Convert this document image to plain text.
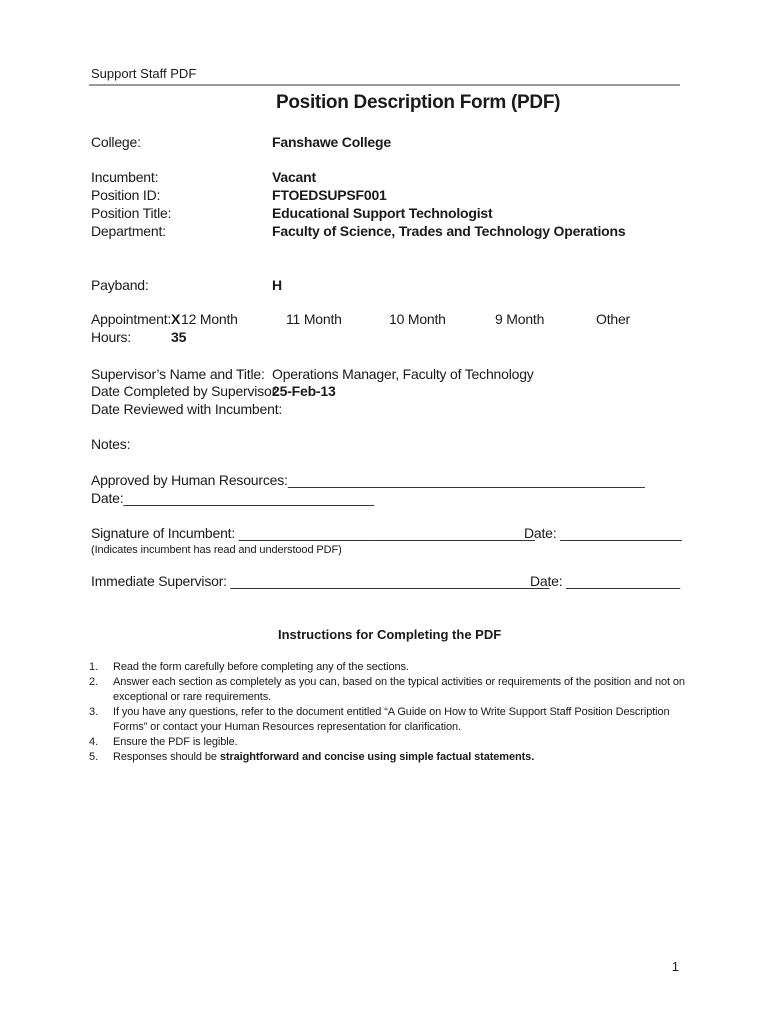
Support Staff PDF
Position Description Form (PDF)
College:	Fanshawe College
Incumbent:	Vacant
Position ID:	FTOEDSUPSF001
Position Title:	Educational Support Technologist
Department:	Faculty of Science, Trades and Technology Operations
Payband:	H
Appointment: X 12 Month	11 Month	10 Month	9 Month	Other
Hours:	35
Supervisor’s Name and Title: Operations Manager, Faculty of Technology
Date Completed by Supervisor:
25-Feb-13
Date Reviewed with Incumbent:
Notes:
Approved by Human Resources: _______________________________________________
Date:_________________________________
Signature of Incumbent: _______________________________________
Date: ________________
(Indicates incumbent has read and understood PDF)
Immediate Supervisor: __________________________________________
Date: _______________
Instructions for Completing the PDF
1. Read the form carefully before completing any of the sections.
2. Answer each section as completely as you can, based on the typical activities or requirements of the position and not on
exceptional or rare requirements.
3. If you have any questions, refer to the document entitled “A Guide on How to Write Support Staff Position Description
Forms” or contact your Human Resources representation for clarification.
4. Ensure the PDF is legible.
5. Responses should be straightforward and concise using simple factual statements.
1
